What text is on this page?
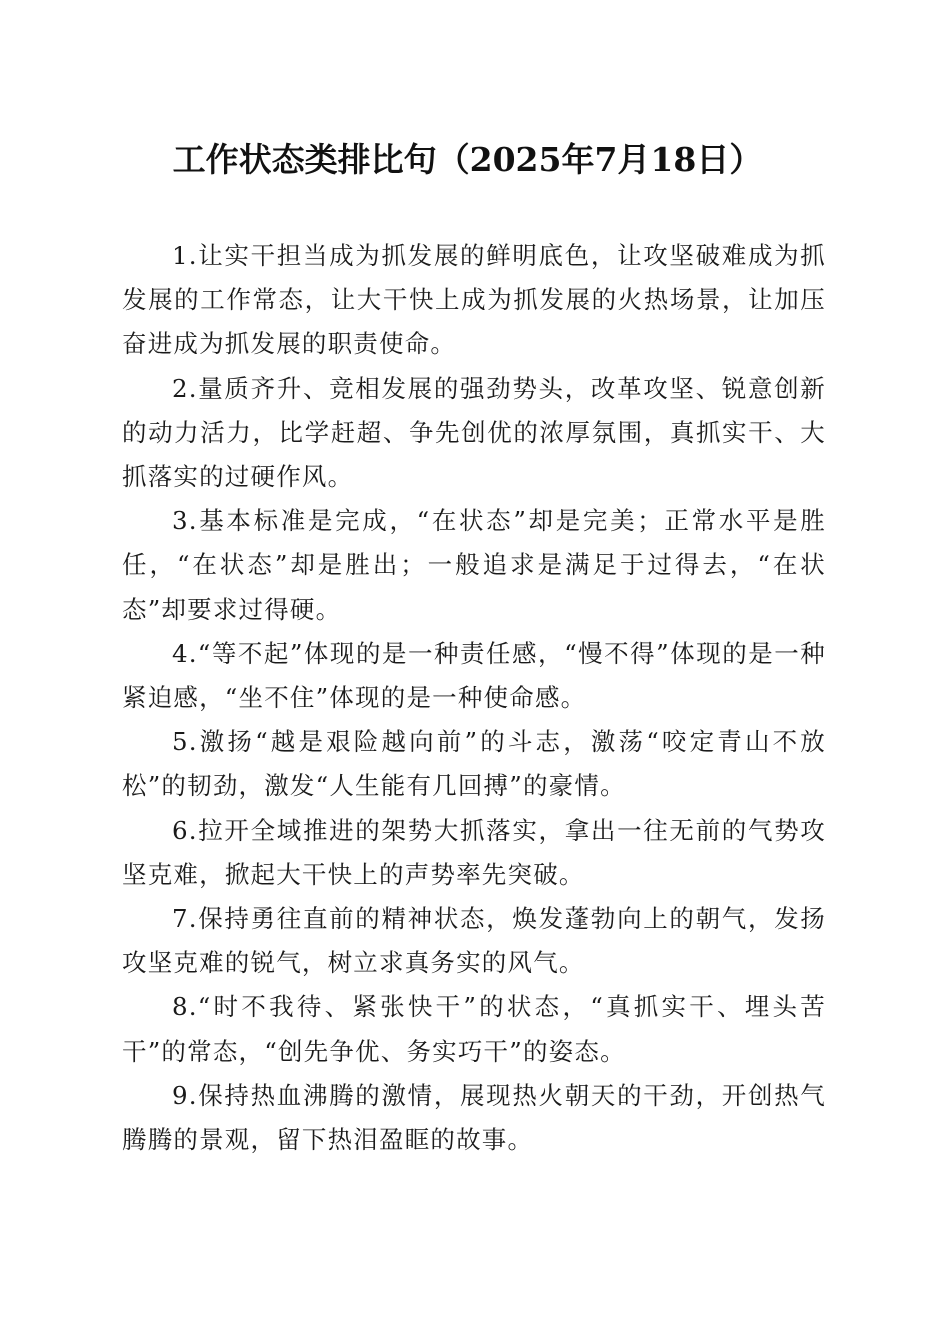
工作状态类排比句（2025年7月18日）

1.让实干担当成为抓发展的鲜明底色，让攻坚破难成为抓发展的工作常态，让大干快上成为抓发展的火热场景，让加压奋进成为抓发展的职责使命。

2.量质齐升、竞相发展的强劲势头，改革攻坚、锐意创新的动力活力，比学赶超、争先创优的浓厚氛围，真抓实干、大抓落实的过硬作风。

3.基本标准是完成，“在状态”却是完美；正常水平是胜任，“在状态”却是胜出；一般追求是满足于过得去，“在状态”却要求过得硬。

4.“等不起”体现的是一种责任感，“慢不得”体现的是一种紧迫感，“坐不住”体现的是一种使命感。

5.激扬“越是艰险越向前”的斗志，激荡“咬定青山不放松”的韧劲，激发“人生能有几回搏”的豪情。

6.拉开全域推进的架势大抓落实，拿出一往无前的气势攻坚克难，掀起大干快上的声势率先突破。

7.保持勇往直前的精神状态，焕发蓬勃向上的朝气，发扬攻坚克难的锐气，树立求真务实的风气。

8.“时不我待、紧张快干”的状态，“真抓实干、埋头苦干”的常态，“创先争优、务实巧干”的姿态。

9.保持热血沸腾的激情，展现热火朝天的干劲，开创热气腾腾的景观，留下热泪盈眶的故事。
